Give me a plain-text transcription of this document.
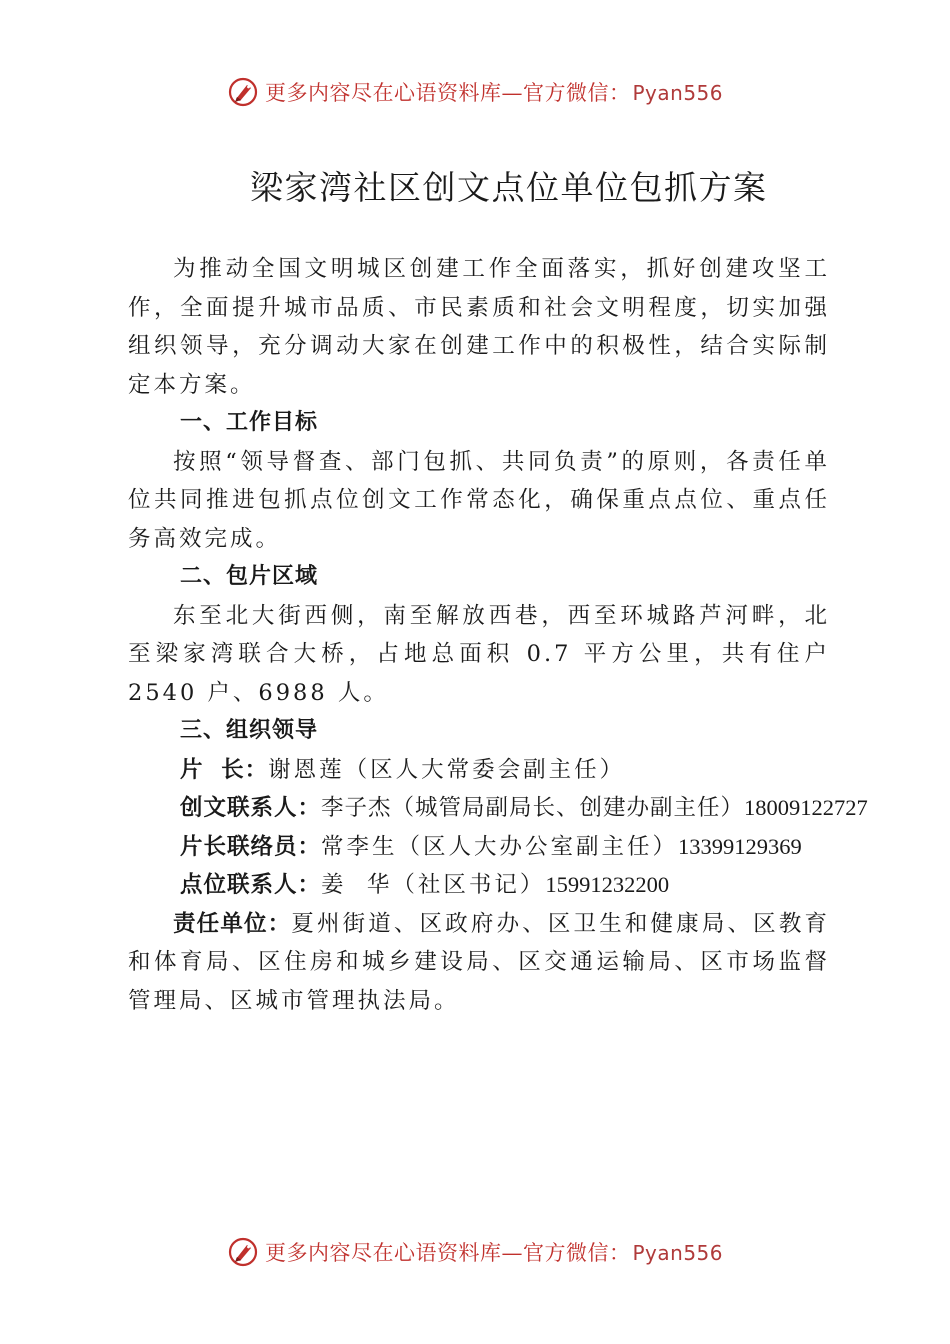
更多内容尽在心语资料库—官方微信： Pyan556
梁家湾社区创文点位单位包抓方案

为推动全国文明城区创建工作全面落实，抓好创建攻坚工作，全面提升城市品质、市民素质和社会文明程度，切实加强组织领导，充分调动大家在创建工作中的积极性，结合实际制定本方案。

一、工作目标

按照“领导督查、部门包抓、共同负责”的原则，各责任单位共同推进包抓点位创文工作常态化，确保重点点位、重点任务高效完成。

二、包片区域

东至北大街西侧，南至解放西巷，西至环城路芦河畔，北至梁家湾联合大桥，占地总面积 0.7 平方公里，共有住户 2540 户、6988 人。

三、组织领导
片  长：谢恩莲（区人大常委会副主任）
创文联系人：李子杰（城管局副局长、创建办副主任）18009122727
片长联络员：常李生（区人大办公室副主任）13399129369
点位联系人：姜  华（社区书记）15991232200

责任单位：夏州街道、区政府办、区卫生和健康局、区教育和体育局、区住房和城乡建设局、区交通运输局、区市场监督管理局、区城市管理执法局。

更多内容尽在心语资料库—官方微信： Pyan556
